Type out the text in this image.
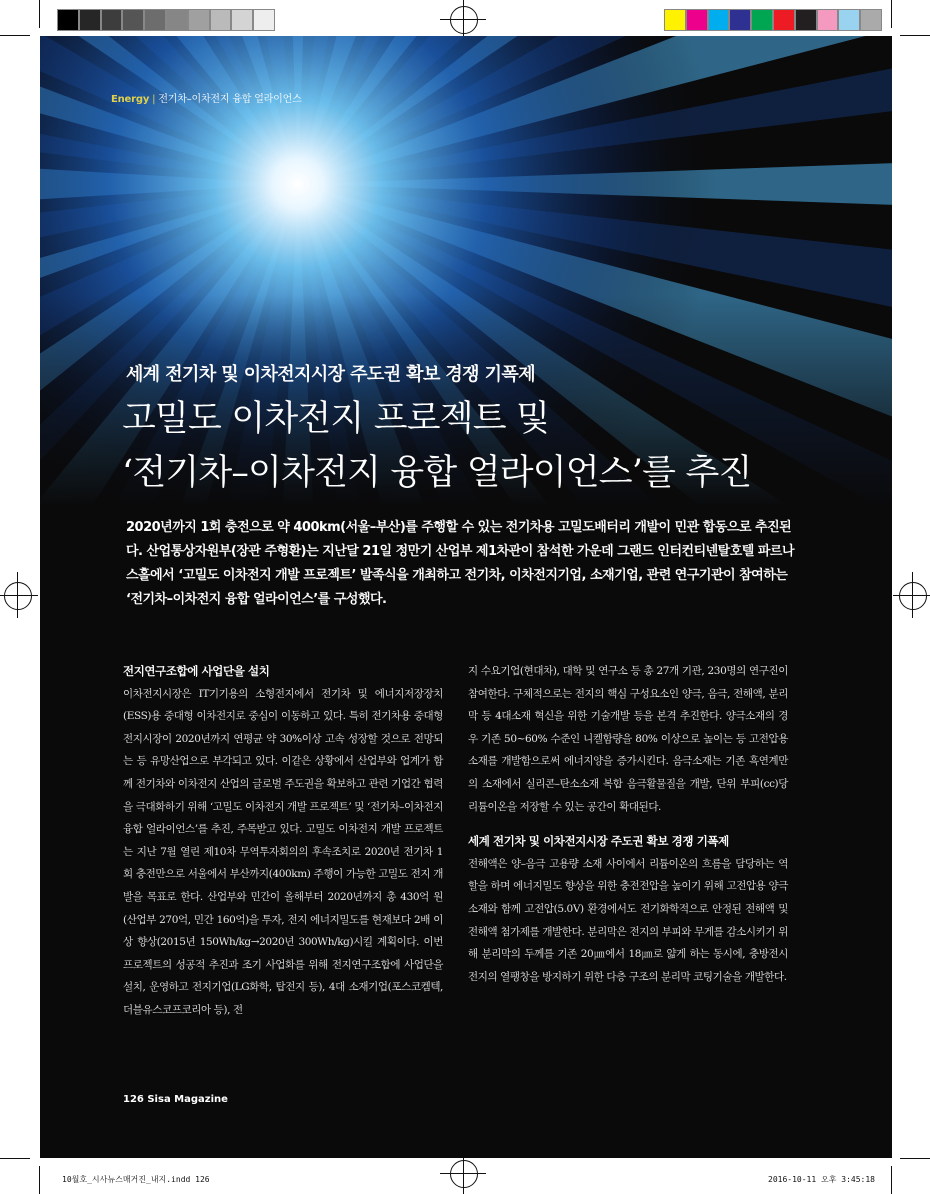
Energy | 전기차–이차전지 융합 얼라이언스
세계 전기차 및 이차전지시장 주도권 확보 경쟁 기폭제
고밀도 이차전지 프로젝트 및
‘전기차–이차전지 융합 얼라이언스’를 추진
2020년까지 1회 충전으로 약 400km(서울–부산)를 주행할 수 있는 전기차용 고밀도배터리 개발이 민관 합동으로 추진된다. 산업통상자원부(장관 주형환)는 지난달 21일 정만기 산업부 제1차관이 참석한 가운데 그랜드 인터컨티넨탈호텔 파르나스홀에서 ‘고밀도 이차전지 개발 프로젝트’ 발족식을 개최하고 전기차, 이차전지기업, 소재기업, 관련 연구기관이 참여하는 ‘전기차–이차전지 융합 얼라이언스’를 구성했다.
전지연구조합에 사업단을 설치

이차전지시장은 IT기기용의 소형전지에서 전기차 및 에너지저장장치(ESS)용 중대형 이차전지로 중심이 이동하고 있다. 특히 전기차용 중대형 전지시장이 2020년까지 연평균 약 30%이상 고속 성장할 것으로 전망되는 등 유망산업으로 부각되고 있다. 이같은 상황에서 산업부와 업계가 함께 전기차와 이차전지 산업의 글로벌 주도권을 확보하고 관련 기업간 협력을 극대화하기 위해 ‘고밀도 이차전지 개발 프로젝트’ 및 ‘전기차–이차전지 융합 얼라이언스’를 추진, 주목받고 있다. 고밀도 이차전지 개발 프로젝트는 지난 7월 열린 제10차 무역투자회의의 후속조치로 2020년 전기차 1회 충전만으로 서울에서 부산까지(400km) 주행이 가능한 고밀도 전지 개발을 목표로 한다. 산업부와 민간이 올해부터 2020년까지 총 430억 원(산업부 270억, 민간 160억)을 투자, 전지 에너지밀도를 현재보다 2배 이상 향상(2015년 150Wh/kg→2020년 300Wh/kg)시킬 계획이다. 이번 프로젝트의 성공적 추진과 조기 사업화를 위해 전지연구조합에 사업단을 설치, 운영하고 전지기업(LG화학, 탑전지 등), 4대 소재기업(포스코켐텍, 더블유스코프코리아 등), 전

지 수요기업(현대차), 대학 및 연구소 등 총 27개 기관, 230명의 연구진이 참여한다. 구체적으로는 전지의 핵심 구성요소인 양극, 음극, 전해액, 분리막 등 4대소재 혁신을 위한 기술개발 등을 본격 추진한다. 양극소재의 경우 기존 50~60% 수준인 니켈함량을 80% 이상으로 높이는 등 고전압용 소재를 개발함으로써 에너지양을 증가시킨다. 음극소재는 기존 흑연계만의 소재에서 실리콘–탄소소재 복합 음극활물질을 개발, 단위 부피(cc)당 리튬이온을 저장할 수 있는 공간이 확대된다.

세계 전기차 및 이차전지시장 주도권 확보 경쟁 기폭제

전해액은 양–음극 고용량 소재 사이에서 리튬이온의 흐름을 담당하는 역할을 하며 에너지밀도 향상을 위한 충전전압을 높이기 위해 고전압용 양극소재와 함께 고전압(5.0V) 환경에서도 전기화학적으로 안정된 전해액 및 전해액 첨가제를 개발한다. 분리막은 전지의 부피와 무게를 감소시키기 위해 분리막의 두께를 기존 20㎛에서 18㎛로 얇게 하는 동시에, 충방전시 전지의 열팽창을 방지하기 위한 다층 구조의 분리막 코팅기술을 개발한다.

126 Sisa Magazine
10월호_시사뉴스매거진_내지.indd 126	2016-10-11 오후 3:45:18
